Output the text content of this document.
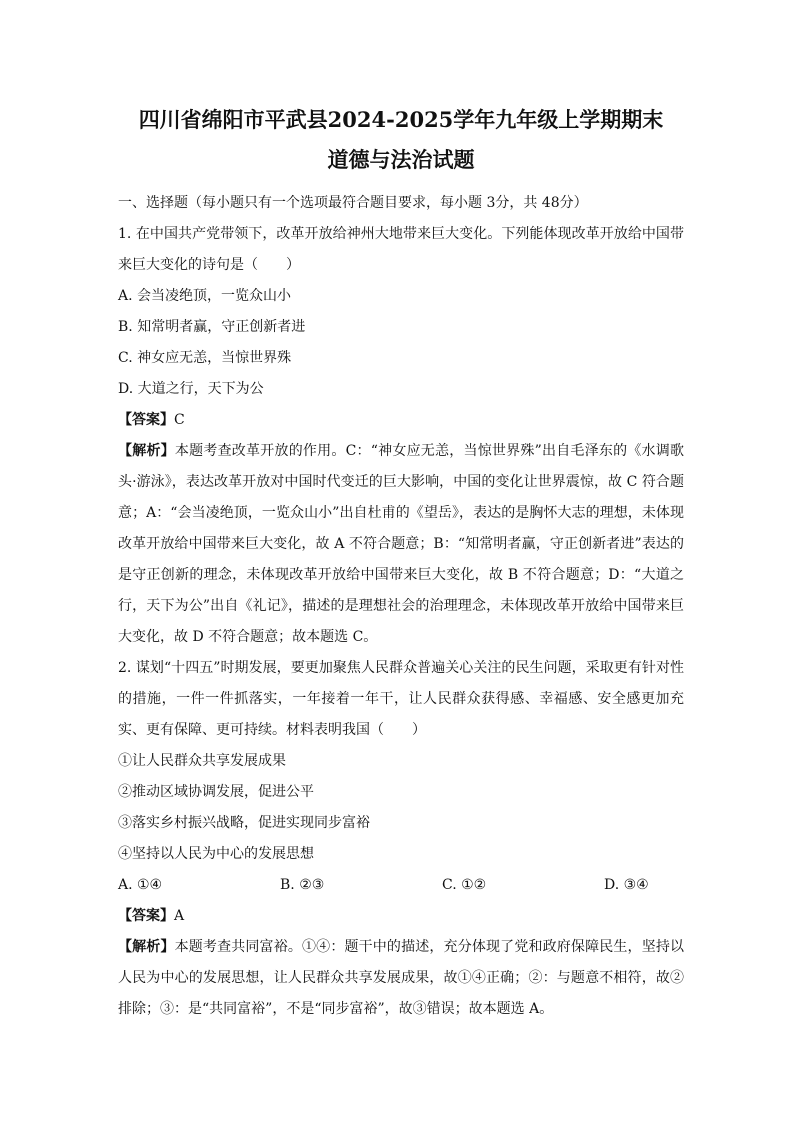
四川省绵阳市平武县2024-2025学年九年级上学期期末

道德与法治试题

一、选择题（每小题只有一个选项最符合题目要求，每小题 3分，共 48分）

1. 在中国共产党带领下，改革开放给神州大地带来巨大变化。下列能体现改革开放给中国带来巨大变化的诗句是（　　）

A. 会当凌绝顶，一览众山小

B. 知常明者赢，守正创新者进

C. 神女应无恙，当惊世界殊

D. 大道之行，天下为公

【答案】C

【解析】本题考查改革开放的作用。C：“神女应无恙，当惊世界殊”出自毛泽东的《水调歌头·游泳》，表达改革开放对中国时代变迁的巨大影响，中国的变化让世界震惊，故 C 符合题意；A：“会当凌绝顶，一览众山小”出自杜甫的《望岳》，表达的是胸怀大志的理想，未体现改革开放给中国带来巨大变化，故 A 不符合题意；B：“知常明者赢，守正创新者进”表达的是守正创新的理念，未体现改革开放给中国带来巨大变化，故 B 不符合题意；D：“大道之行，天下为公”出自《礼记》，描述的是理想社会的治理理念，未体现改革开放给中国带来巨大变化，故 D 不符合题意；故本题选 C。

2. 谋划“十四五”时期发展，要更加聚焦人民群众普遍关心关注的民生问题，采取更有针对性的措施，一件一件抓落实，一年接着一年干，让人民群众获得感、幸福感、安全感更加充实、更有保障、更可持续。材料表明我国（　　）

①让人民群众共享发展成果

②推动区域协调发展，促进公平

③落实乡村振兴战略，促进实现同步富裕

④坚持以人民为中心的发展思想

A. ①④	B. ②③	C. ①②	D. ③④

【答案】A

【解析】本题考查共同富裕。①④：题干中的描述，充分体现了党和政府保障民生，坚持以人民为中心的发展思想，让人民群众共享发展成果，故①④正确；②：与题意不相符，故②排除；③：是“共同富裕”，不是“同步富裕”，故③错误；故本题选 A。
